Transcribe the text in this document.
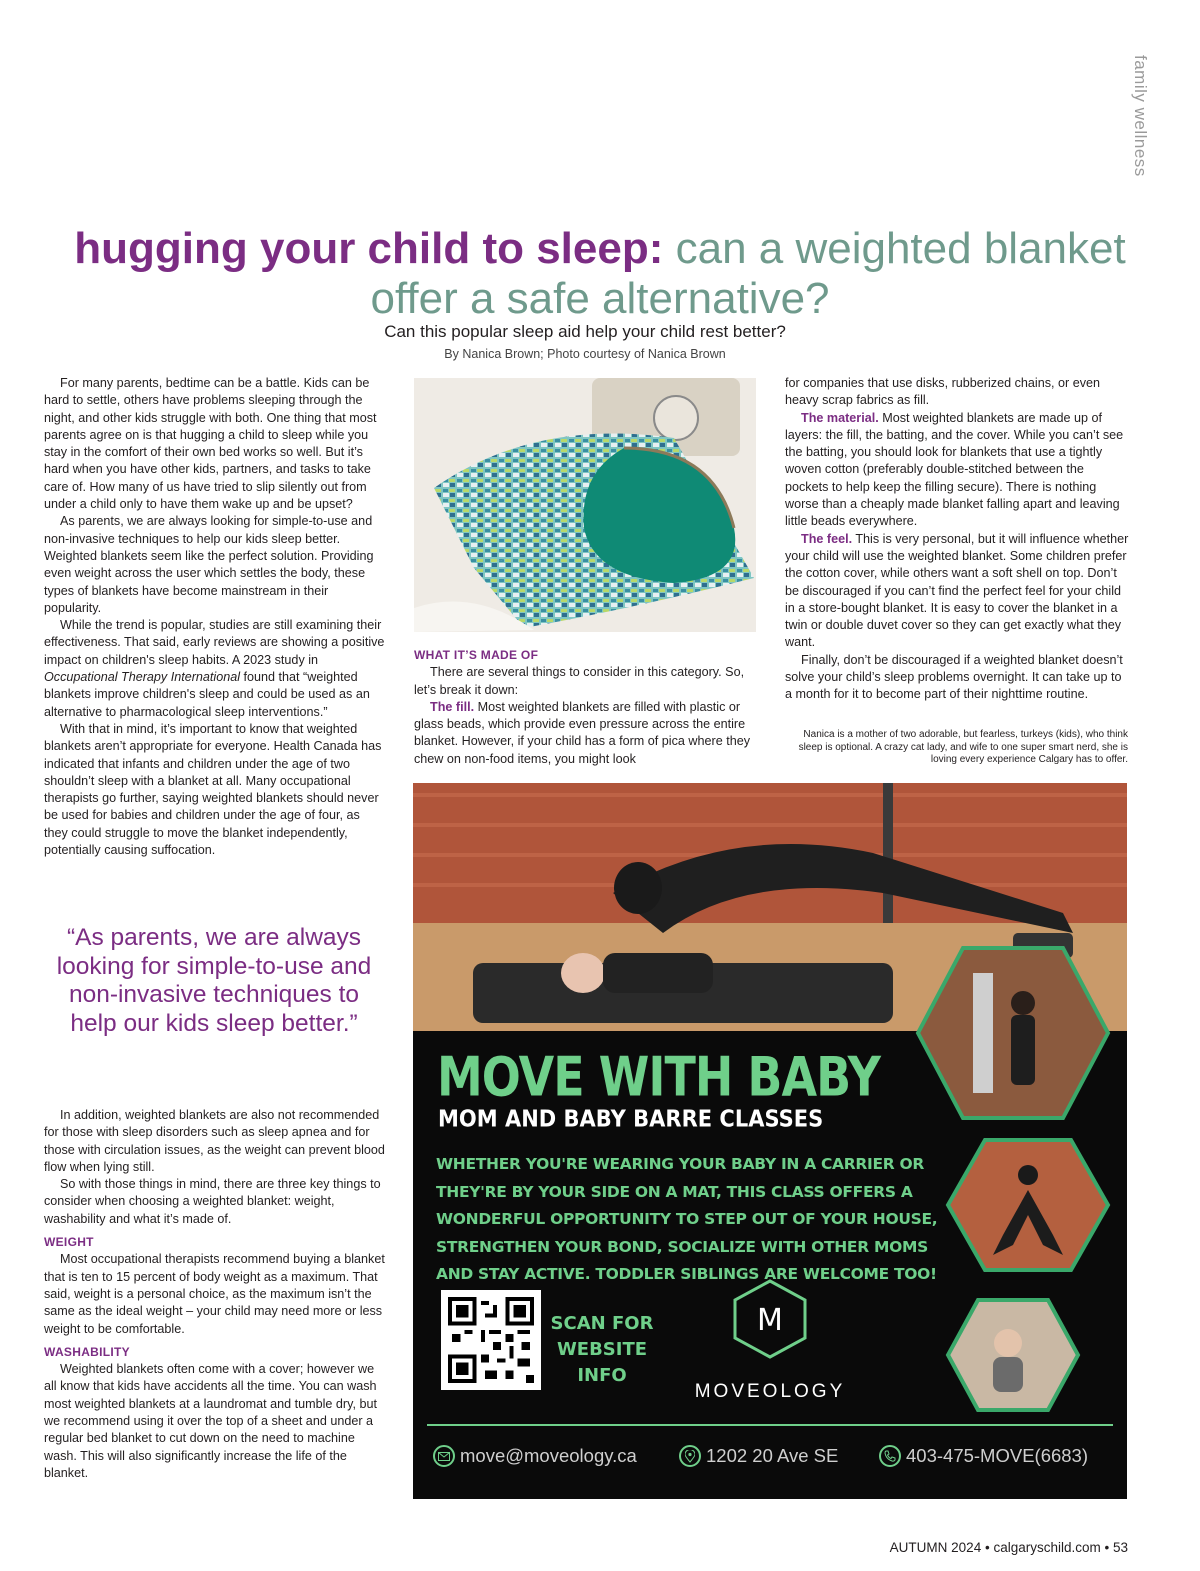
family wellness
hugging your child to sleep: can a weighted blanket offer a safe alternative?
Can this popular sleep aid help your child rest better?
By Nanica Brown; Photo courtesy of Nanica Brown

For many parents, bedtime can be a battle. Kids can be hard to settle, others have problems sleeping through the night, and other kids struggle with both. One thing that most parents agree on is that hugging a child to sleep while you stay in the comfort of their own bed works so well. But it’s hard when you have other kids, partners, and tasks to take care of. How many of us have tried to slip silently out from under a child only to have them wake up and be upset?

As parents, we are always looking for simple-to-use and non-invasive techniques to help our kids sleep better. Weighted blankets seem like the perfect solution. Providing even weight across the user which settles the body, these types of blankets have become mainstream in their popularity.

While the trend is popular, studies are still examining their effectiveness. That said, early reviews are showing a positive impact on children's sleep habits. A 2023 study in Occupational Therapy International found that “weighted blankets improve children's sleep and could be used as an alternative to pharmacological sleep interventions.”

With that in mind, it’s important to know that weighted blankets aren’t appropriate for everyone. Health Canada has indicated that infants and children under the age of two shouldn’t sleep with a blanket at all. Many occupational therapists go further, saying weighted blankets should never be used for babies and children under the age of four, as they could struggle to move the blanket independently, potentially causing suffocation.

“As parents, we are always looking for simple-to-use and non-invasive techniques to help our kids sleep better.”

In addition, weighted blankets are also not recommended for those with sleep disorders such as sleep apnea and for those with circulation issues, as the weight can prevent blood flow when lying still.

So with those things in mind, there are three key things to consider when choosing a weighted blanket: weight, washability and what it’s made of.

WEIGHT

Most occupational therapists recommend buying a blanket that is ten to 15 percent of body weight as a maximum. That said, weight is a personal choice, as the maximum isn’t the same as the ideal weight – your child may need more or less weight to be comfortable.

WASHABILITY

Weighted blankets often come with a cover; however we all know that kids have accidents all the time. You can wash most weighted blankets at a laundromat and tumble dry, but we recommend using it over the top of a sheet and under a regular bed blanket to cut down on the need to machine wash. This will also significantly increase the life of the blanket.

WHAT IT’S MADE OF

There are several things to consider in this category. So, let’s break it down:

The fill. Most weighted blankets are filled with plastic or glass beads, which provide even pressure across the entire blanket. However, if your child has a form of pica where they chew on non-food items, you might look

for companies that use disks, rubberized chains, or even heavy scrap fabrics as fill.

The material. Most weighted blankets are made up of layers: the fill, the batting, and the cover. While you can’t see the batting, you should look for blankets that use a tightly woven cotton (preferably double-stitched between the pockets to help keep the filling secure). There is nothing worse than a cheaply made blanket falling apart and leaving little beads everywhere.

The feel. This is very personal, but it will influence whether your child will use the weighted blanket. Some children prefer the cotton cover, while others want a soft shell on top. Don’t be discouraged if you can’t find the perfect feel for your child in a store-bought blanket. It is easy to cover the blanket in a twin or double duvet cover so they can get exactly what they want.

Finally, don’t be discouraged if a weighted blanket doesn’t solve your child’s sleep problems overnight. It can take up to a month for it to become part of their nighttime routine.

Nanica is a mother of two adorable, but fearless, turkeys (kids), who think sleep is optional. A crazy cat lady, and wife to one super smart nerd, she is loving every experience Calgary has to offer.
MOVE WITH BABY
MOM AND BABY BARRE CLASSES
WHETHER YOU'RE WEARING YOUR BABY IN A CARRIER OR THEY'RE BY YOUR SIDE ON A MAT, THIS CLASS OFFERS A WONDERFUL OPPORTUNITY TO STEP OUT OF YOUR HOUSE, STRENGTHEN YOUR BOND, SOCIALIZE WITH OTHER MOMS AND STAY ACTIVE. TODDLER SIBLINGS ARE WELCOME TOO!
SCAN FOR WEBSITE INFO
M
MOVEOLOGY
move@moveology.ca	1202 20 Ave SE	403-475-MOVE(6683)
AUTUMN 2024 • calgaryschild.com • 53
